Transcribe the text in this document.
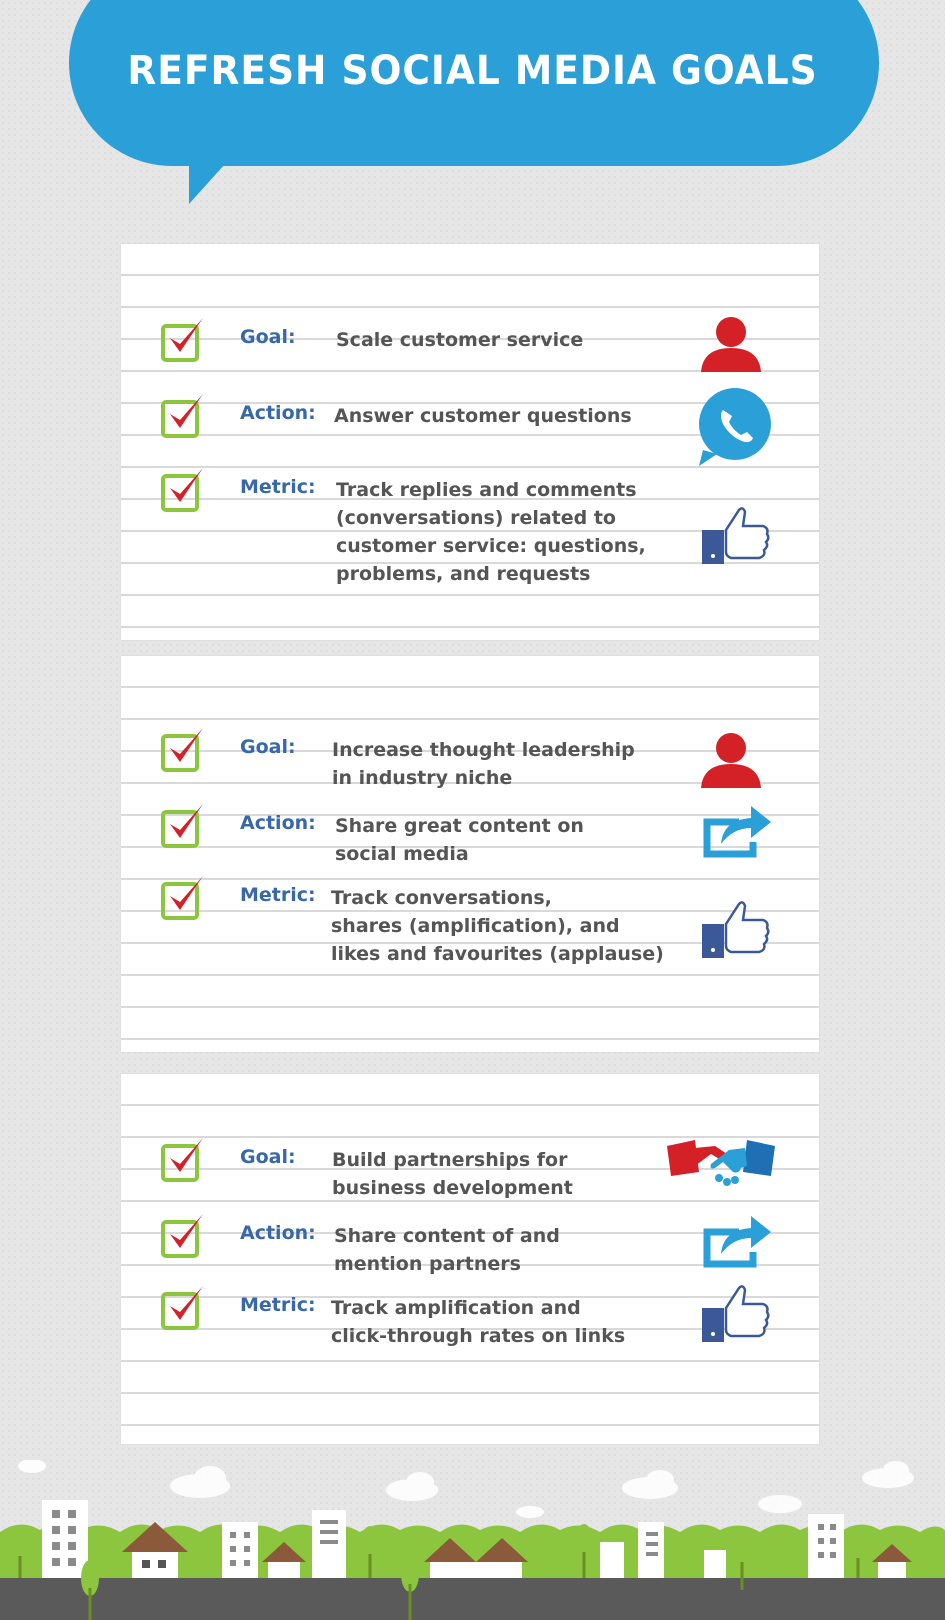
REFRESH SOCIAL MEDIA GOALS
Goal: Scale customer service
Action: Answer customer questions
Metric: Track replies and comments
(conversations) related to
customer service: questions,
problems, and requests
Goal: Increase thought leadership
in industry niche
Action: Share great content on
social media
Metric: Track conversations,
shares (amplification), and
likes and favourites (applause)
Goal: Build partnerships for
business development
Action: Share content of and
mention partners
Metric: Track amplification and
click-through rates on links
